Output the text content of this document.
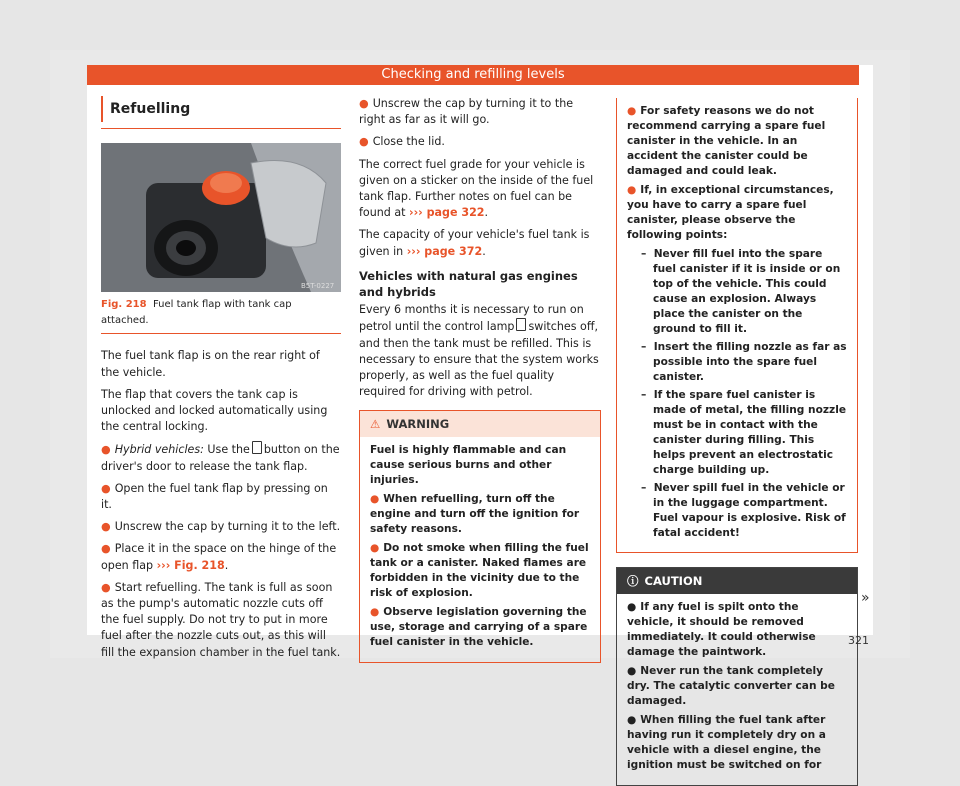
Checking and refilling levels
Refuelling
B5T-0227
Fig. 218 Fuel tank flap with tank cap attached.

The fuel tank flap is on the rear right of the vehicle.

The flap that covers the tank cap is unlocked and locked automatically using the central locking.

● Hybrid vehicles: Use the button on the driver's door to release the tank flap.

● Open the fuel tank flap by pressing on it.

● Unscrew the cap by turning it to the left.

● Place it in the space on the hinge of the open flap ››› Fig. 218.

● Start refuelling. The tank is full as soon as the pump's automatic nozzle cuts off the fuel supply. Do not try to put in more fuel after the nozzle cuts out, as this will fill the expansion chamber in the fuel tank.

● Unscrew the cap by turning it to the right as far as it will go.

● Close the lid.

The correct fuel grade for your vehicle is given on a sticker on the inside of the fuel tank flap. Further notes on fuel can be found at ››› page 322.

The capacity of your vehicle's fuel tank is given in ››› page 372.

Vehicles with natural gas engines and hybrids

Every 6 months it is necessary to run on petrol until the control lamp switches off, and then the tank must be refilled. This is necessary to ensure that the system works properly, as well as the fuel quality required for driving with petrol.

⚠ WARNING

Fuel is highly flammable and can cause serious burns and other injuries.

● When refuelling, turn off the engine and turn off the ignition for safety reasons.

● Do not smoke when filling the fuel tank or a canister. Naked flames are forbidden in the vicinity due to the risk of explosion.

● Observe legislation governing the use, storage and carrying of a spare fuel canister in the vehicle.

● For safety reasons we do not recommend carrying a spare fuel canister in the vehicle. In an accident the canister could be damaged and could leak.

● If, in exceptional circumstances, you have to carry a spare fuel canister, please observe the following points:

–  Never fill fuel into the spare fuel canister if it is inside or on top of the vehicle. This could cause an explosion. Always place the canister on the ground to fill it.
–  Insert the filling nozzle as far as possible into the spare fuel canister.
–  If the spare fuel canister is made of metal, the filling nozzle must be in contact with the canister during filling. This helps prevent an electrostatic charge building up.
–  Never spill fuel in the vehicle or in the luggage compartment. Fuel vapour is explosive. Risk of fatal accident!
ⓘ CAUTION

● If any fuel is spilt onto the vehicle, it should be removed immediately. It could otherwise damage the paintwork.

● Never run the tank completely dry. The catalytic converter can be damaged.

● When filling the fuel tank after having run it completely dry on a vehicle with a diesel engine, the ignition must be switched on for

»
321
